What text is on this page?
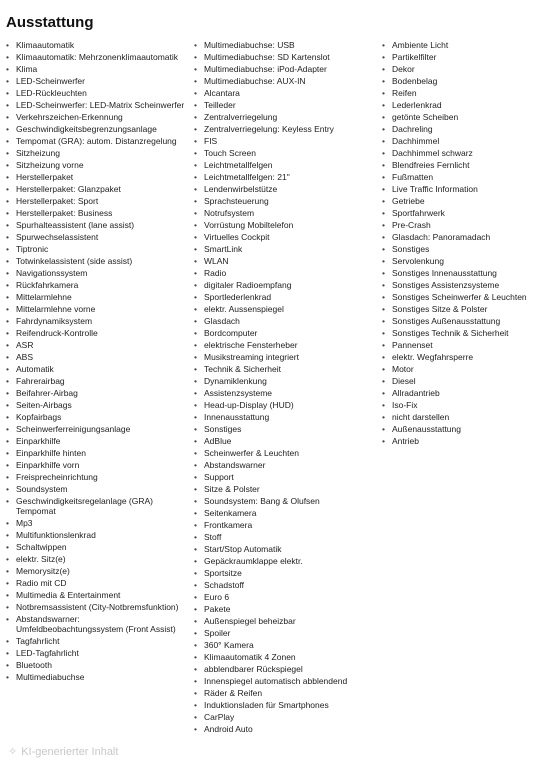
Ausstattung
• Klimaautomatik
• Klimaautomatik: Mehrzonenklimaautomatik
• Klima
• LED-Scheinwerfer
• LED-Rückleuchten
• LED-Scheinwerfer: LED-Matrix Scheinwerfer
• Verkehrszeichen-Erkennung
• Geschwindigkeitsbegrenzungsanlage
• Tempomat (GRA): autom. Distanzregelung
• Sitzheizung
• Sitzheizung vorne
• Herstellerpaket
• Herstellerpaket: Glanzpaket
• Herstellerpaket: Sport
• Herstellerpaket: Business
• Spurhalteassistent (lane assist)
• Spurwechselassistent
• Tiptronic
• Totwinkelassistent (side assist)
• Navigationssystem
• Rückfahrkamera
• Mittelarmlehne
• Mittelarmlehne vorne
• Fahrdynamiksystem
• Reifendruck-Kontrolle
• ASR
• ABS
• Automatik
• Fahrerairbag
• Beifahrer-Airbag
• Seiten-Airbags
• Kopfairbags
• Scheinwerferreinigungsanlage
• Einparkhilfe
• Einparkhilfe hinten
• Einparkhilfe vorn
• Freisprecheinrichtung
• Soundsystem
• Geschwindigkeitsregelanlage (GRA) Tempomat
• Mp3
• Multifunktionslenkrad
• Schaltwippen
• elektr. Sitz(e)
• Memorysitz(e)
• Radio mit CD
• Multimedia & Entertainment
• Notbremsassistent (City-Notbremsfunktion)
• Abstandswarner: Umfeldbeobachtungssystem (Front Assist)
• Tagfahrlicht
• LED-Tagfahrlicht
• Bluetooth
• Multimediabuchse
• Multimediabuchse: USB
• Multimediabuchse: SD Kartenslot
• Multimediabuchse: iPod-Adapter
• Multimediabuchse: AUX-IN
• Alcantara
• Teilleder
• Zentralverriegelung
• Zentralverriegelung: Keyless Entry
• FIS
• Touch Screen
• Leichtmetallfelgen
• Leichtmetallfelgen: 21"
• Lendenwirbelstütze
• Sprachsteuerung
• Notrufsystem
• Vorrüstung Mobiltelefon
• Virtuelles Cockpit
• SmartLink
• WLAN
• Radio
• digitaler Radioempfang
• Sportlederlenkrad
• elektr. Aussenspiegel
• Glasdach
• Bordcomputer
• elektrische Fensterheber
• Musikstreaming integriert
• Technik & Sicherheit
• Dynamiklenkung
• Assistenzsysteme
• Head-up-Display (HUD)
• Innenausstattung
• Sonstiges
• AdBlue
• Scheinwerfer & Leuchten
• Abstandswarner
• Support
• Sitze & Polster
• Soundsystem: Bang & Olufsen
• Seitenkamera
• Frontkamera
• Stoff
• Start/Stop Automatik
• Gepäckraumklappe elektr.
• Sportsitze
• Schadstoff
• Euro 6
• Pakete
• Außenspiegel beheizbar
• Spoiler
• 360° Kamera
• Klimaautomatik 4 Zonen
• abblendbarer Rückspiegel
• Innenspiegel automatisch abblendend
• Räder & Reifen
• Induktionsladen für Smartphones
• CarPlay
• Android Auto
• Ambiente Licht
• Partikelfilter
• Dekor
• Bodenbelag
• Reifen
• Lederlenkrad
• getönte Scheiben
• Dachreling
• Dachhimmel
• Dachhimmel schwarz
• Blendfreies Fernlicht
• Fußmatten
• Live Traffic Information
• Getriebe
• Sportfahrwerk
• Pre-Crash
• Glasdach: Panoramadach
• Sonstiges
• Servolenkung
• Sonstiges Innenausstattung
• Sonstiges Assistenzsysteme
• Sonstiges Scheinwerfer & Leuchten
• Sonstiges Sitze & Polster
• Sonstiges Außenausstattung
• Sonstiges Technik & Sicherheit
• Pannenset
• elektr. Wegfahrsperre
• Motor
• Diesel
• Allradantrieb
• Iso-Fix
• nicht darstellen
• Außenausstattung
• Antrieb
✧ KI-generierter Inhalt
